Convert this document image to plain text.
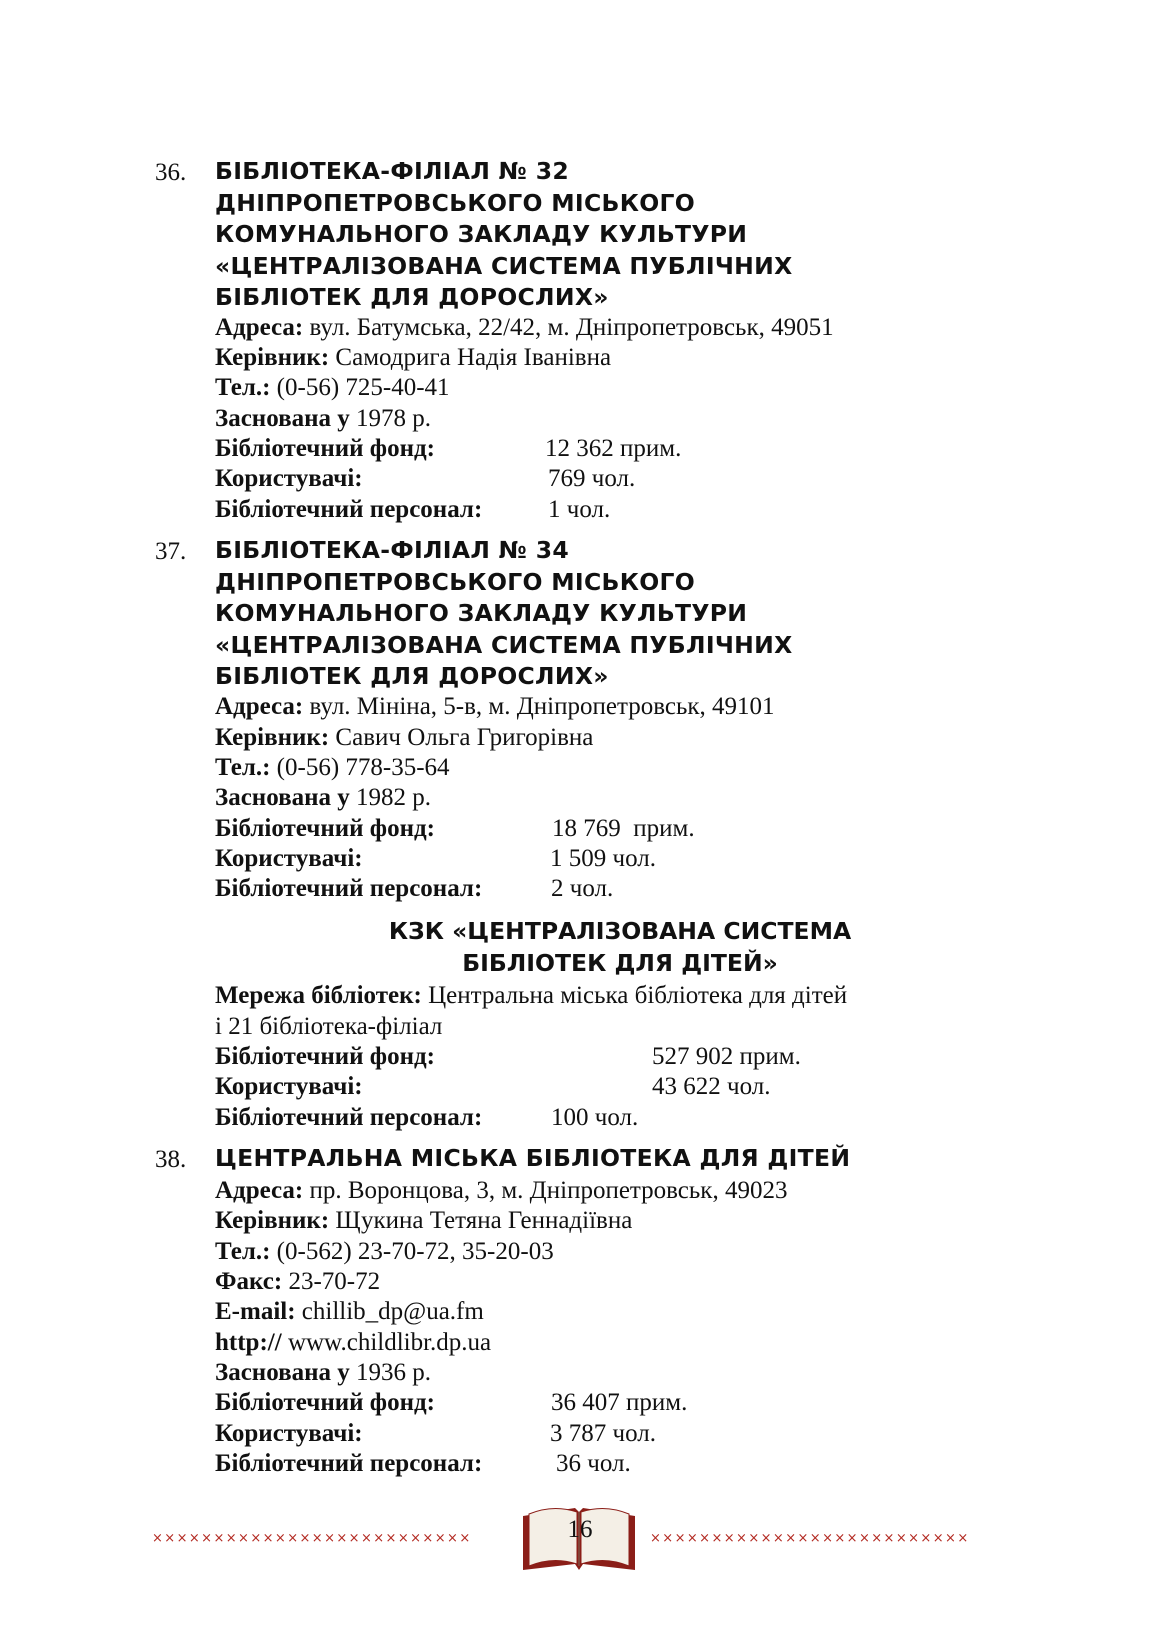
36. БІБЛІОТЕКА-ФІЛІАЛ № 32
ДНІПРОПЕТРОВСЬКОГО МІСЬКОГО
КОМУНАЛЬНОГО ЗАКЛАДУ КУЛЬТУРИ
«ЦЕНТРАЛІЗОВАНА СИСТЕМА ПУБЛІЧНИХ
БІБЛІОТЕК ДЛЯ ДОРОСЛИХ»
Адреса: вул. Батумська, 22/42, м. Дніпропетровськ, 49051
Керівник: Самодрига Надія Іванівна
Тел.: (0-56) 725-40-41
Заснована у 1978 р.
Бібліотечний фонд:	12 362 прим.
Користувачі:	769 чол.
Бібліотечний персонал:	1 чол.
37. БІБЛІОТЕКА-ФІЛІАЛ № 34
ДНІПРОПЕТРОВСЬКОГО МІСЬКОГО
КОМУНАЛЬНОГО ЗАКЛАДУ КУЛЬТУРИ
«ЦЕНТРАЛІЗОВАНА СИСТЕМА ПУБЛІЧНИХ
БІБЛІОТЕК ДЛЯ ДОРОСЛИХ»
Адреса: вул. Мініна, 5-в, м. Дніпропетровськ, 49101
Керівник: Савич Ольга Григорівна
Тел.: (0-56) 778-35-64
Заснована у 1982 р.
Бібліотечний фонд:	18 769  прим.
Користувачі:	1 509 чол.
Бібліотечний персонал:	2 чол.
КЗК «ЦЕНТРАЛІЗОВАНА СИСТЕМА
БІБЛІОТЕК ДЛЯ ДІТЕЙ»
Мережа бібліотек: Центральна міська бібліотека для дітей
і 21 бібліотека-філіал
Бібліотечний фонд:	527 902 прим.
Користувачі:	43 622 чол.
Бібліотечний персонал:	100 чол.
38. ЦЕНТРАЛЬНА МІСЬКА БІБЛІОТЕКА ДЛЯ ДІТЕЙ
Адреса: пр. Воронцова, 3, м. Дніпропетровськ, 49023
Керівник: Щукина Тетяна Геннадіївна
Тел.: (0-562) 23-70-72, 35-20-03
Факс: 23-70-72
E-mail: chillib_dp@ua.fm
http:// www.childlibr.dp.ua
Заснована у 1936 р.
Бібліотечний фонд:	36 407 прим.
Користувачі:	3 787 чол.
Бібліотечний персонал:	36 чол.
××××××××××××××××××××××××××	××××××××××××××××××××××××××
16
